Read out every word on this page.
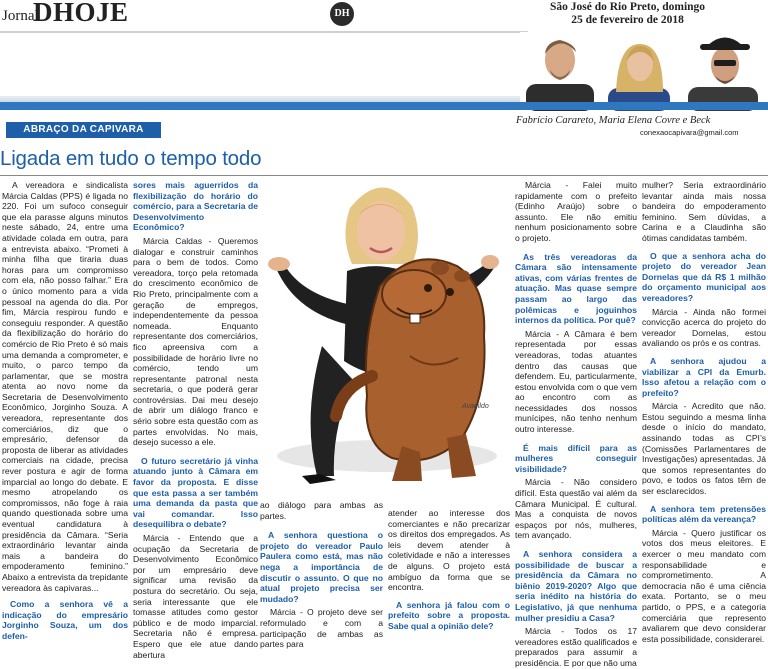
Jornal
DHOJE	DH
São José do Rio Preto, domingo
25 de fevereiro de 2018
ABRAÇO DA CAPIVARA
Fabrício Carareto, Maria Elena Covre e Beck
conexaocapivara@gmail.com
Ligada em tudo o tempo todo

A vereadora e sindicalista Márcia Caldas (PPS) é ligada no 220. Foi um sufoco conseguir que ela parasse alguns minutos neste sábado, 24, entre uma atividade colada em outra, para a entrevista abaixo. “Prometi à minha filha que tiraria duas horas para um compromisso com ela, não posso falhar.” Era o único momento para a vida pessoal na agenda do dia. Por fim, Márcia respirou fundo e conseguiu responder. A questão da flexibilização do horário do comércio de Rio Preto é só mais uma demanda a comprometer, e muito, o parco tempo da parlamentar, que se mostra atenta ao novo nome da Secretaria de Desenvolvimento Econômico, Jorginho Souza. A vereadora, representante dos comerciários, diz que o empresário, defensor da proposta de liberar as atividades comerciais na cidade, precisa rever postura e agir de forma imparcial ao longo do debate. E mesmo atropelando os compromissos, não foge à raia quando questionada sobre uma eventual candidatura à presidência da Câmara. “Seria extraordinário levantar ainda mais a bandeira do empoderamento feminino.” Abaixo a entrevista da trepidante vereadora às capivaras...

Como a senhora vê a indicação do empresário Jorginho Souza, um dos defen-

sores mais aguerridos da flexibilização do horário do comércio, para a Secretaria de Desenvolvimento Econômico?

Márcia Caldas - Queremos dialogar e construir caminhos para o bem de todos. Como vereadora, torço pela retomada do crescimento econômico de Rio Preto, principalmente com a geração de empregos, independentemente da pessoa nomeada. Enquanto representante dos comerciários, fico apreensiva com a possibilidade de horário livre no comércio, tendo um representante patronal nesta secretaria, o que poderá gerar controvérsias. Dai meu desejo de abrir um diálogo franco e sério sobre esta questão com as partes envolvidas. No mais, desejo sucesso a ele.

O futuro secretário já vinha atuando junto à Câmara em favor da proposta. E disse que esta passa a ser também uma demanda da pasta que vai comandar. Isso desequilibra o debate?

Márcia - Entendo que a ocupação da Secretaria de Desenvolvimento Econômico por um empresário deve significar uma revisão da postura do secretário. Ou seja, seria interessante que ele tomasse atitudes como gestor público e de modo imparcial. Secretaria não é empresa. Espero que ele atue dando abertura

Avanildo

ao diálogo para ambas as partes.

A senhora questiona o projeto do vereador Paulo Paulera como está, mas não nega a importância de discutir o assunto. O que no atual projeto precisa ser mudado?

Márcia - O projeto deve ser reformulado e com a participação de ambas as partes para

atender ao interesse dos comerciantes e não precarizar os direitos dos empregados. As leis devem atender à coletividade e não a interesses de alguns. O projeto está ambíguo da forma que se encontra.

A senhora já falou com o prefeito sobre a proposta. Sabe qual a opinião dele?

Márcia - Falei muito rapidamente com o prefeito (Edinho Araújo) sobre o assunto. Ele não emitiu nenhum posicionamento sobre o projeto.

As três vereadoras da Câmara são intensamente ativas, com várias frentes de atuação. Mas quase sempre passam ao largo das polêmicas e joguinhos internos da política. Por quê?

Márcia - A Câmara é bem representada por essas vereadoras, todas atuantes dentro das causas que defendem. Eu, particularmente, estou envolvida com o que vem ao encontro com as necessidades dos nossos munícipes, não tenho nenhum outro interesse.

É mais difícil para as mulheres conseguir visibilidade?

Márcia - Não considero difícil. Esta questão vai além da Câmara Municipal. É cultural. Mas a conquista de novos espaços por nós, mulheres, tem avançado.

A senhora considera a possibilidade de buscar a presidência da Câmara no biênio 2019-2020? Algo que seria inédito na história do Legislativo, já que nenhuma mulher presidiu a Casa?

Márcia - Todos os 17 vereadores estão qualificados e preparados para assumir a presidência. E por que não uma

mulher? Seria extraordinário levantar ainda mais nossa bandeira do empoderamento feminino. Sem dúvidas, a Carina e a Claudinha são ótimas candidatas também.

O que a senhora acha do projeto do vereador Jean Dornelas que dá R$ 1 milhão do orçamento municipal aos vereadores?

Márcia - Ainda não formei convicção acerca do projeto do vereador Dornelas, estou avaliando os prós e os contras.

A senhora ajudou a viabilizar a CPI da Emurb. Isso afetou a relação com o prefeito?

Márcia - Acredito que não. Estou seguindo a mesma linha desde o início do mandato, assinando todas as CPI’s (Comissões Parlamentares de Investigações) apresentadas. Já que somos representantes do povo, e todos os fatos têm de ser esclarecidos.

A senhora tem pretensões políticas além da vereança?

Márcia - Quero justificar os votos dos meus eleitores. E exercer o meu mandato com responsabilidade e comprometimento. A democracia não é uma ciência exata. Portanto, se o meu partido, o PPS, e a categoria comerciária que represento avaliarem que devo considerar esta possibilidade, considerarei.
